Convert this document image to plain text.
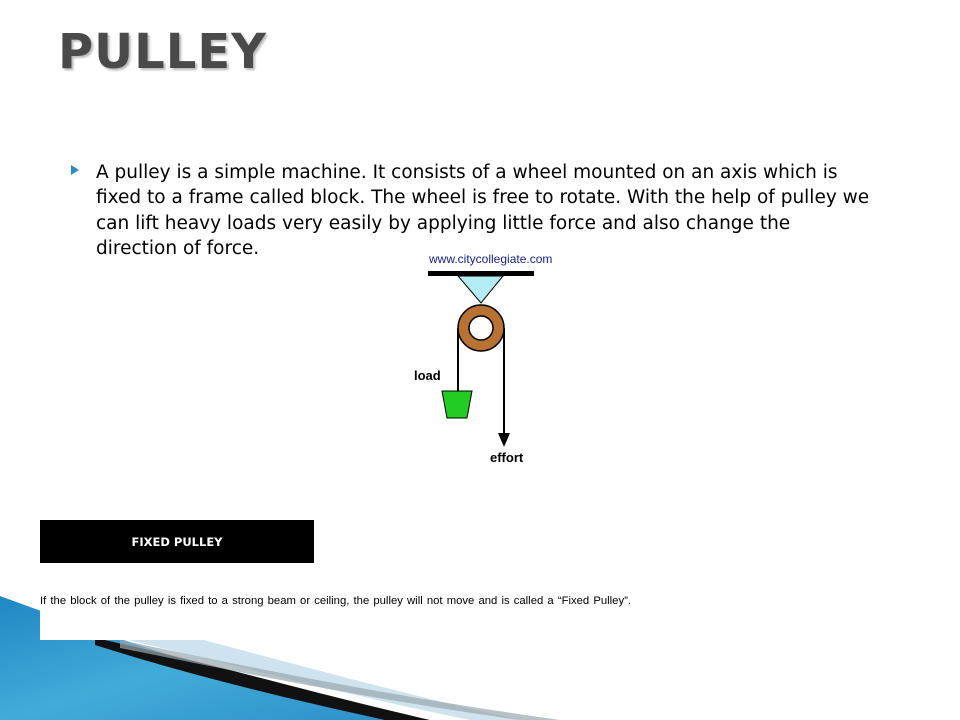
PULLEY

A pulley is a simple machine. It consists of a wheel mounted on an axis which is fixed to a frame called block. The wheel is free to rotate. With the help of pulley we can lift heavy loads very easily by applying little force and also change the direction of force.

www.citycollegiate.com
load
effort
FIXED PULLEY
If the block of the pulley is fixed to a strong beam or ceiling, the pulley will not move and is called a “Fixed Pulley”.
